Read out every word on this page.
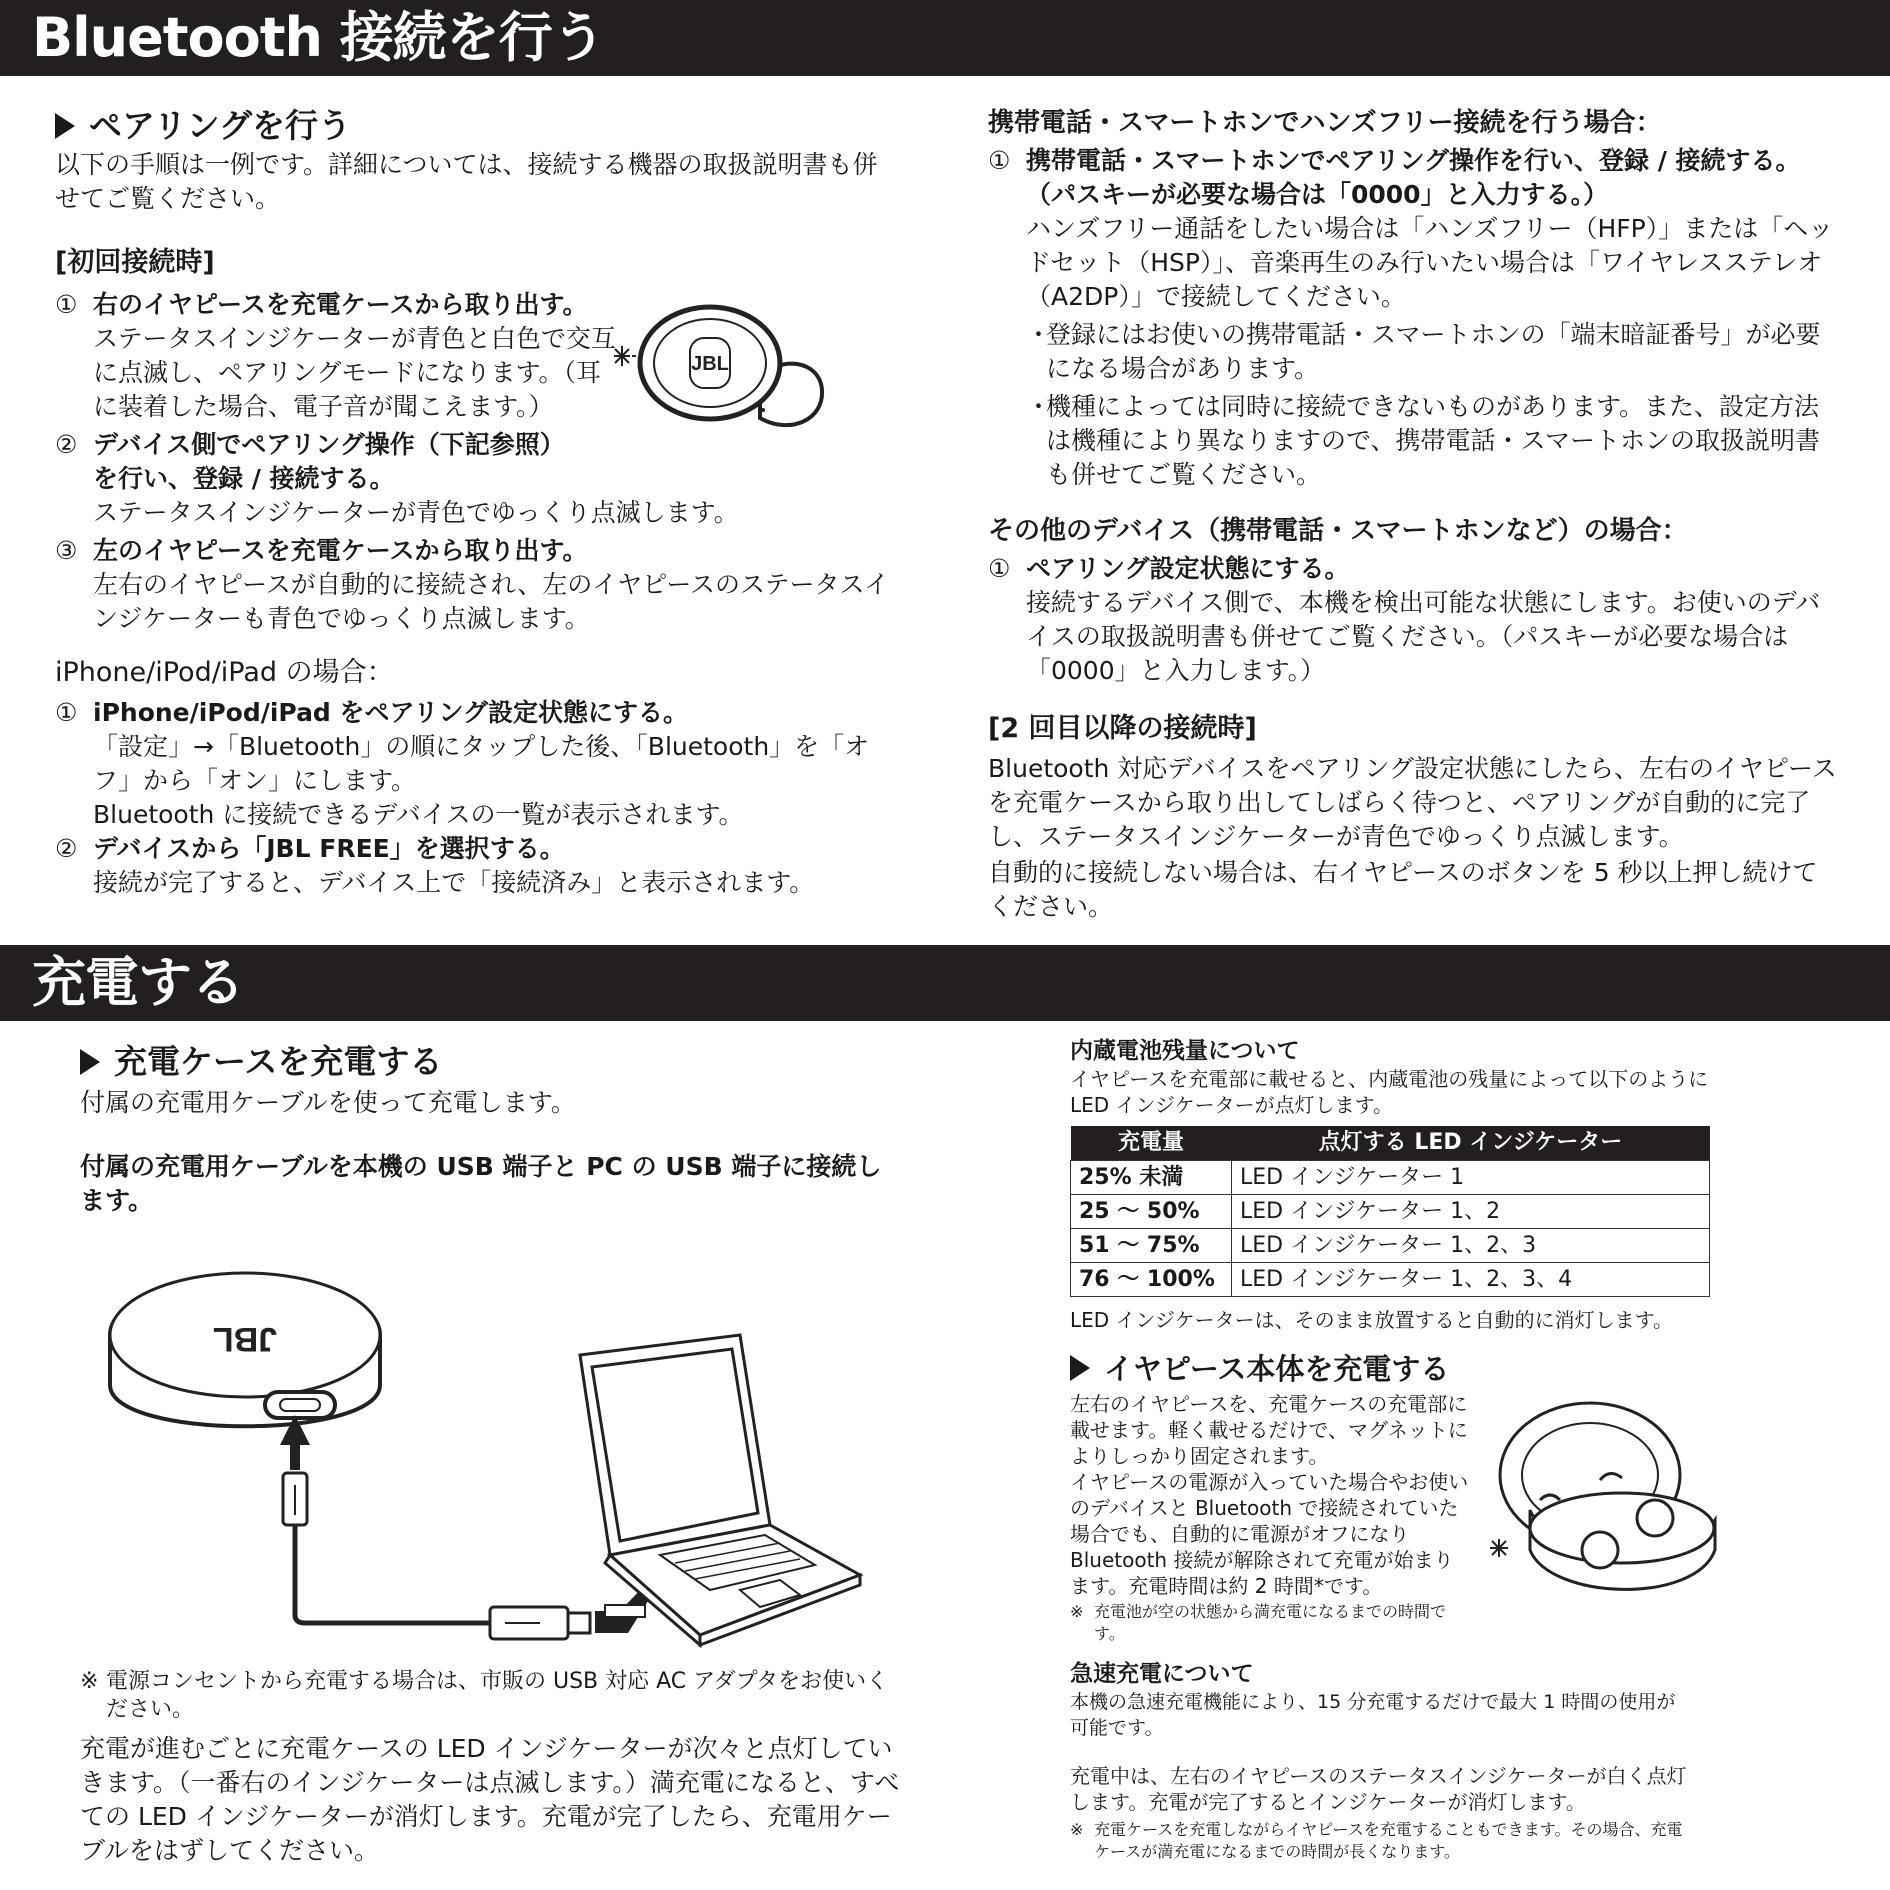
Bluetooth 接続を行う

ペアリングを行う

以下の手順は一例です。詳細については、接続する機器の取扱説明書も併せてご覧ください。

[初回接続時]

① 右のイヤピースを充電ケースから取り出す。

ステータスインジケーターが青色と白色で交互に点滅し、ペアリングモードになります。（耳に装着した場合、電子音が聞こえます。）

② デバイス側でペアリング操作（下記参照）を行い、登録 / 接続する。

ステータスインジケーターが青色でゆっくり点滅します。

③ 左のイヤピースを充電ケースから取り出す。

左右のイヤピースが自動的に接続され、左のイヤピースのステータスインジケーターも青色でゆっくり点滅します。

iPhone/iPod/iPad の場合：

① iPhone/iPod/iPad をペアリング設定状態にする。

「設定」→「Bluetooth」の順にタップした後、「Bluetooth」を「オフ」から「オン」にします。

Bluetooth に接続できるデバイスの一覧が表示されます。

② デバイスから「JBL FREE」を選択する。

接続が完了すると、デバイス上で「接続済み」と表示されます。

JBL

携帯電話・スマートホンでハンズフリー接続を行う場合：

① 携帯電話・スマートホンでペアリング操作を行い、登録 / 接続する。（パスキーが必要な場合は「0000」と入力する。）

ハンズフリー通話をしたい場合は「ハンズフリー（HFP）」または「ヘッドセット（HSP）」、音楽再生のみ行いたい場合は「ワイヤレスステレオ（A2DP）」で接続してください。

・
登録にはお使いの携帯電話・スマートホンの「端末暗証番号」が必要になる場合があります。
・
機種によっては同時に接続できないものがあります。また、設定方法は機種により異なりますので、携帯電話・スマートホンの取扱説明書も併せてご覧ください。

その他のデバイス（携帯電話・スマートホンなど）の場合：

① ペアリング設定状態にする。

接続するデバイス側で、本機を検出可能な状態にします。お使いのデバイスの取扱説明書も併せてご覧ください。（パスキーが必要な場合は「0000」と入力します。）

[2 回目以降の接続時]

Bluetooth 対応デバイスをペアリング設定状態にしたら、左右のイヤピースを充電ケースから取り出してしばらく待つと、ペアリングが自動的に完了し、ステータスインジケーターが青色でゆっくり点滅します。

自動的に接続しない場合は、右イヤピースのボタンを 5 秒以上押し続けてください。

充電する

充電ケースを充電する

付属の充電用ケーブルを使って充電します。

付属の充電用ケーブルを本機の USB 端子と PC の USB 端子に接続します。

JBL
※ 電源コンセントから充電する場合は、市販の USB 対応 AC アダプタをお使いください。

充電が進むごとに充電ケースの LED インジケーターが次々と点灯していきます。（一番右のインジケーターは点滅します。）満充電になると、すべての LED インジケーターが消灯します。充電が完了したら、充電用ケーブルをはずしてください。

内蔵電池残量について

イヤピースを充電部に載せると、内蔵電池の残量によって以下のように LED インジケーターが点灯します。

充電量	点灯する LED インジケーター
25% 未満	LED インジケーター 1
25 ～ 50%	LED インジケーター 1、2
51 ～ 75%	LED インジケーター 1、2、3
76 ～ 100%	LED インジケーター 1、2、3、4

LED インジケーターは、そのまま放置すると自動的に消灯します。

イヤピース本体を充電する

左右のイヤピースを、充電ケースの充電部に載せます。軽く載せるだけで、マグネットによりしっかり固定されます。

イヤピースの電源が入っていた場合やお使いのデバイスと Bluetooth で接続されていた場合でも、自動的に電源がオフになり Bluetooth 接続が解除されて充電が始まります。充電時間は約 2 時間*です。

※ 充電池が空の状態から満充電になるまでの時間です。

急速充電について

本機の急速充電機能により、15 分充電するだけで最大 1 時間の使用が可能です。

充電中は、左右のイヤピースのステータスインジケーターが白く点灯します。充電が完了するとインジケーターが消灯します。

※ 充電ケースを充電しながらイヤピースを充電することもできます。その場合、充電ケースが満充電になるまでの時間が長くなります。
